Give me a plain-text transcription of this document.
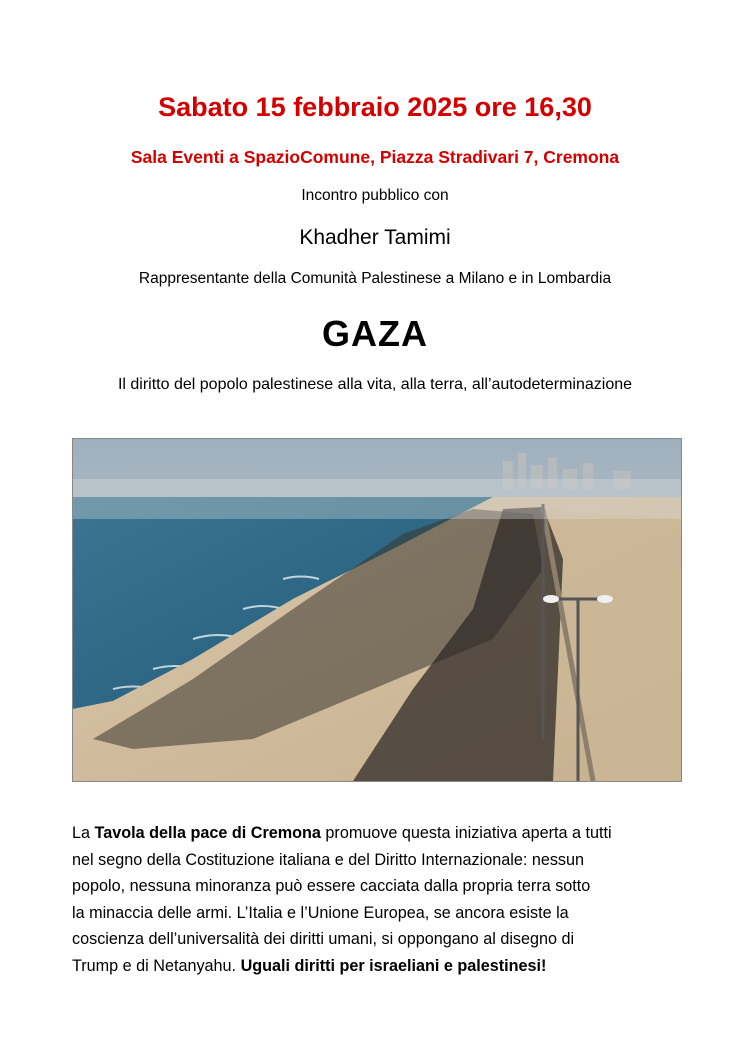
Sabato 15 febbraio 2025 ore 16,30
Sala Eventi a SpazioComune, Piazza Stradivari 7, Cremona
Incontro pubblico con
Khadher Tamimi
Rappresentante della Comunità Palestinese a Milano e in Lombardia
GAZA
Il diritto del popolo palestinese alla vita, alla terra, all’autodeterminazione

La Tavola della pace di Cremona promuove questa iniziativa aperta a tutti

nel segno della Costituzione italiana e del Diritto Internazionale: nessun

popolo, nessuna minoranza può essere cacciata dalla propria terra sotto

la minaccia delle armi. L’Italia e l’Unione Europea, se ancora esiste la

coscienza dell’universalità dei diritti umani, si oppongano al disegno di

Trump e di Netanyahu. Uguali diritti per israeliani e palestinesi!
